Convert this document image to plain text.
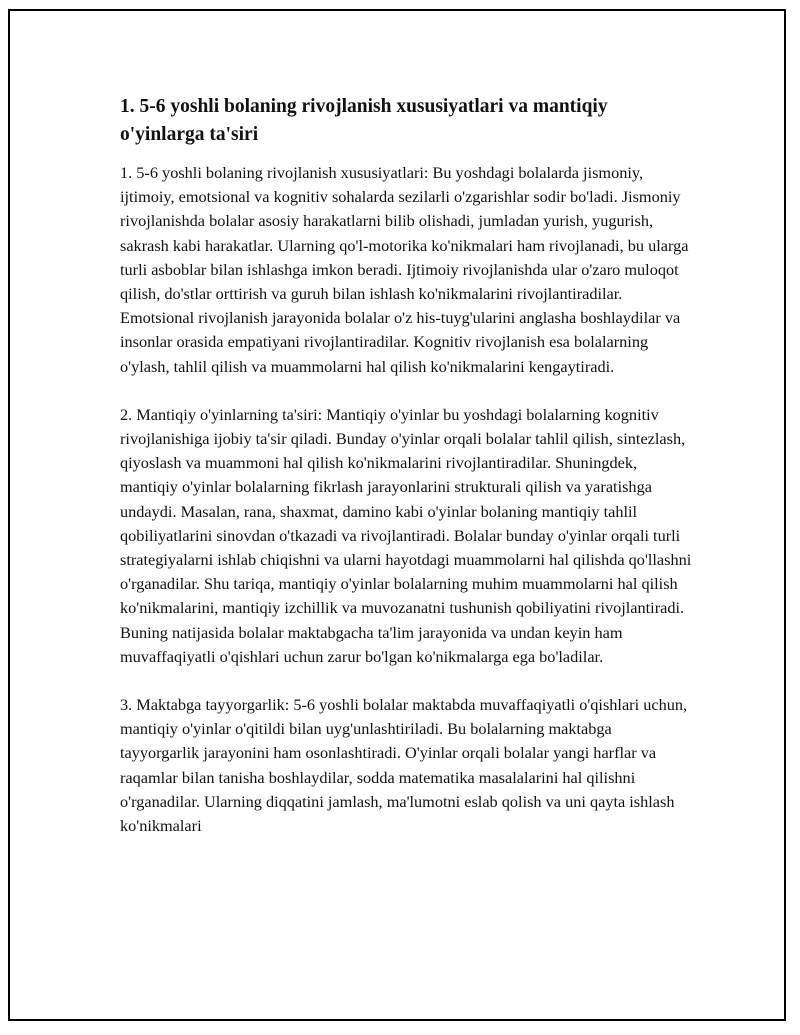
1. 5-6 yoshli bolaning rivojlanish xususiyatlari va mantiqiy o'yinlarga ta'siri

1. 5-6 yoshli bolaning rivojlanish xususiyatlari: Bu yoshdagi bolalarda jismoniy, ijtimoiy, emotsional va kognitiv sohalarda sezilarli o'zgarishlar sodir bo'ladi. Jismoniy rivojlanishda bolalar asosiy harakatlarni bilib olishadi, jumladan yurish, yugurish, sakrash kabi harakatlar. Ularning qo'l-motorika ko'nikmalari ham rivojlanadi, bu ularga turli asboblar bilan ishlashga imkon beradi. Ijtimoiy rivojlanishda ular o'zaro muloqot qilish, do'stlar orttirish va guruh bilan ishlash ko'nikmalarini rivojlantiradilar. Emotsional rivojlanish jarayonida bolalar o'z his-tuyg'ularini anglasha boshlaydilar va insonlar orasida empatiyani rivojlantiradilar. Kognitiv rivojlanish esa bolalarning o'ylash, tahlil qilish va muammolarni hal qilish ko'nikmalarini kengaytiradi.

2. Mantiqiy o'yinlarning ta'siri: Mantiqiy o'yinlar bu yoshdagi bolalarning kognitiv rivojlanishiga ijobiy ta'sir qiladi. Bunday o'yinlar orqali bolalar tahlil qilish, sintezlash, qiyoslash va muammoni hal qilish ko'nikmalarini rivojlantiradilar. Shuningdek, mantiqiy o'yinlar bolalarning fikrlash jarayonlarini strukturali qilish va yaratishga undaydi. Masalan, rana, shaxmat, damino kabi o'yinlar bolaning mantiqiy tahlil qobiliyatlarini sinovdan o'tkazadi va rivojlantiradi. Bolalar bunday o'yinlar orqali turli strategiyalarni ishlab chiqishni va ularni hayotdagi muammolarni hal qilishda qo'llashni o'rganadilar. Shu tariqa, mantiqiy o'yinlar bolalarning muhim muammolarni hal qilish ko'nikmalarini, mantiqiy izchillik va muvozanatni tushunish qobiliyatini rivojlantiradi. Buning natijasida bolalar maktabgacha ta'lim jarayonida va undan keyin ham muvaffaqiyatli o'qishlari uchun zarur bo'lgan ko'nikmalarga ega bo'ladilar.

3. Maktabga tayyorgarlik: 5-6 yoshli bolalar maktabda muvaffaqiyatli o'qishlari uchun, mantiqiy o'yinlar o'qitildi bilan uyg'unlashtiriladi. Bu bolalarning maktabga tayyorgarlik jarayonini ham osonlashtiradi. O'yinlar orqali bolalar yangi harflar va raqamlar bilan tanisha boshlaydilar, sodda matematika masalalarini hal qilishni o'rganadilar. Ularning diqqatini jamlash, ma'lumotni eslab qolish va uni qayta ishlash ko'nikmalari
